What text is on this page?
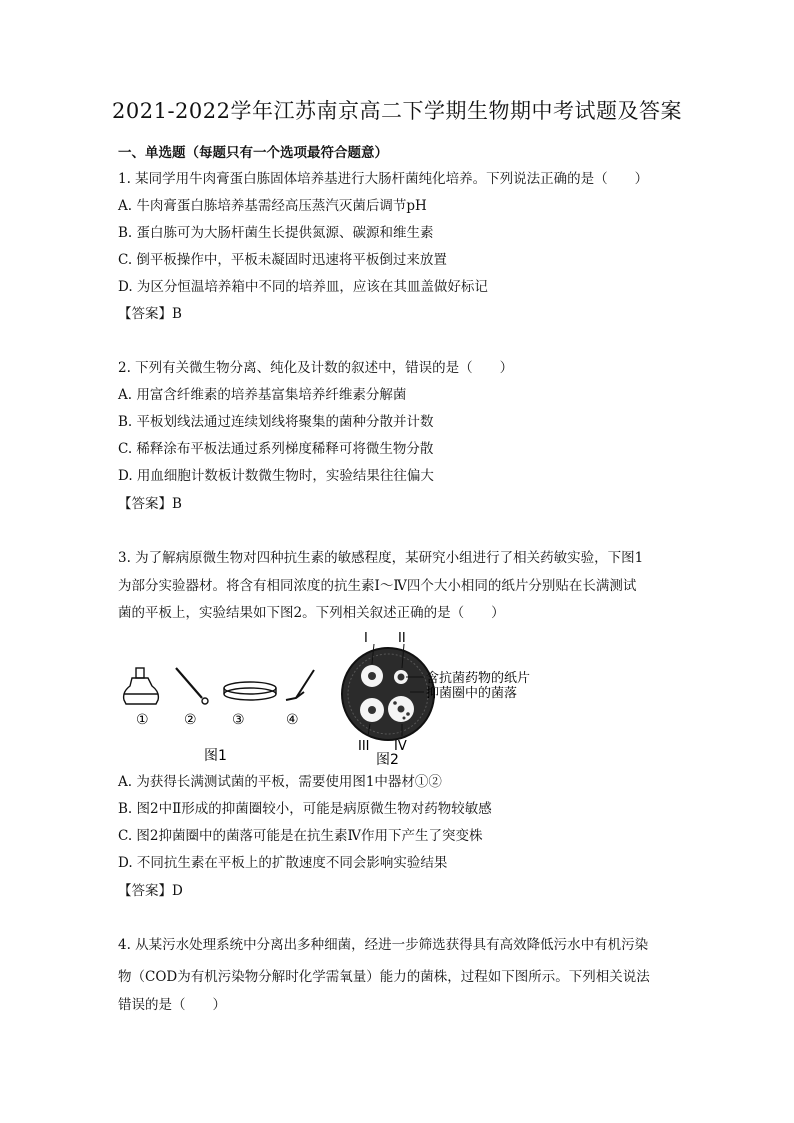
2021-2022学年江苏南京高二下学期生物期中考试题及答案
一、单选题（每题只有一个选项最符合题意）
1. 某同学用牛肉膏蛋白胨固体培养基进行大肠杆菌纯化培养。下列说法正确的是（　　）
A. 牛肉膏蛋白胨培养基需经高压蒸汽灭菌后调节pH
B. 蛋白胨可为大肠杆菌生长提供氮源、碳源和维生素
C. 倒平板操作中，平板未凝固时迅速将平板倒过来放置
D. 为区分恒温培养箱中不同的培养皿，应该在其皿盖做好标记
【答案】B
2. 下列有关微生物分离、纯化及计数的叙述中，错误的是（　　）
A. 用富含纤维素的培养基富集培养纤维素分解菌
B. 平板划线法通过连续划线将聚集的菌种分散并计数
C. 稀释涂布平板法通过系列梯度稀释可将微生物分散
D. 用血细胞计数板计数微生物时，实验结果往往偏大
【答案】B
3. 为了解病原微生物对四种抗生素的敏感程度，某研究小组进行了相关药敏实验，下图1
为部分实验器材。将含有相同浓度的抗生素Ⅰ～Ⅳ四个大小相同的纸片分别贴在长满测试
菌的平板上，实验结果如下图2。下列相关叙述正确的是（　　）
①	②	③	④
图1
I II
III IV
含抗菌药物的纸片
抑菌圈中的菌落
图2
A. 为获得长满测试菌的平板，需要使用图1中器材①②
B. 图2中Ⅱ形成的抑菌圈较小，可能是病原微生物对药物较敏感
C. 图2抑菌圈中的菌落可能是在抗生素Ⅳ作用下产生了突变株
D. 不同抗生素在平板上的扩散速度不同会影响实验结果
【答案】D
4. 从某污水处理系统中分离出多种细菌，经进一步筛选获得具有高效降低污水中有机污染
物（COD为有机污染物分解时化学需氧量）能力的菌株，过程如下图所示。下列相关说法
错误的是（　　）
